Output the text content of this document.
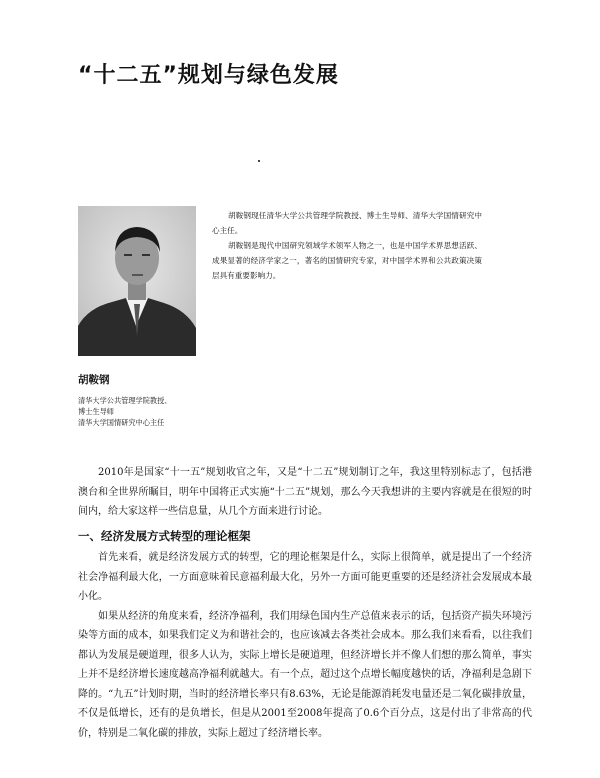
“十二五”规划与绿色发展

胡鞍钢现任清华大学公共管理学院教授、博士生导师、清华大学国情研究中心主任。

胡鞍钢是现代中国研究领域学术领军人物之一，也是中国学术界思想活跃、成果显著的经济学家之一，著名的国情研究专家，对中国学术界和公共政策决策层具有重要影响力。

胡鞍钢
清华大学公共管理学院教授、
博士生导师
清华大学国情研究中心主任

2010年是国家“十一五”规划收官之年，又是“十二五”规划制订之年，我这里特别标志了，包括港澳台和全世界所瞩目，明年中国将正式实施“十二五”规划，那么今天我想讲的主要内容就是在很短的时间内，给大家这样一些信息量，从几个方面来进行讨论。

一、经济发展方式转型的理论框架

首先来看，就是经济发展方式的转型，它的理论框架是什么，实际上很简单，就是提出了一个经济社会净福利最大化，一方面意味着民意福利最大化，另外一方面可能更重要的还是经济社会发展成本最小化。

如果从经济的角度来看，经济净福利，我们用绿色国内生产总值来表示的话，包括资产损失环境污染等方面的成本，如果我们定义为和谐社会的，也应该减去各类社会成本。那么我们来看看，以往我们都认为发展是硬道理，很多人认为，实际上增长是硬道理，但经济增长并不像人们想的那么简单，事实上并不是经济增长速度越高净福利就越大。有一个点，超过这个点增长幅度越快的话，净福利是急剧下降的。“九五”计划时期，当时的经济增长率只有8.63%，无论是能源消耗发电量还是二氧化碳排放量，不仅是低增长，还有的是负增长，但是从2001至2008年提高了0.6个百分点，这是付出了非常高的代价，特别是二氧化碳的排放，实际上超过了经济增长率。
